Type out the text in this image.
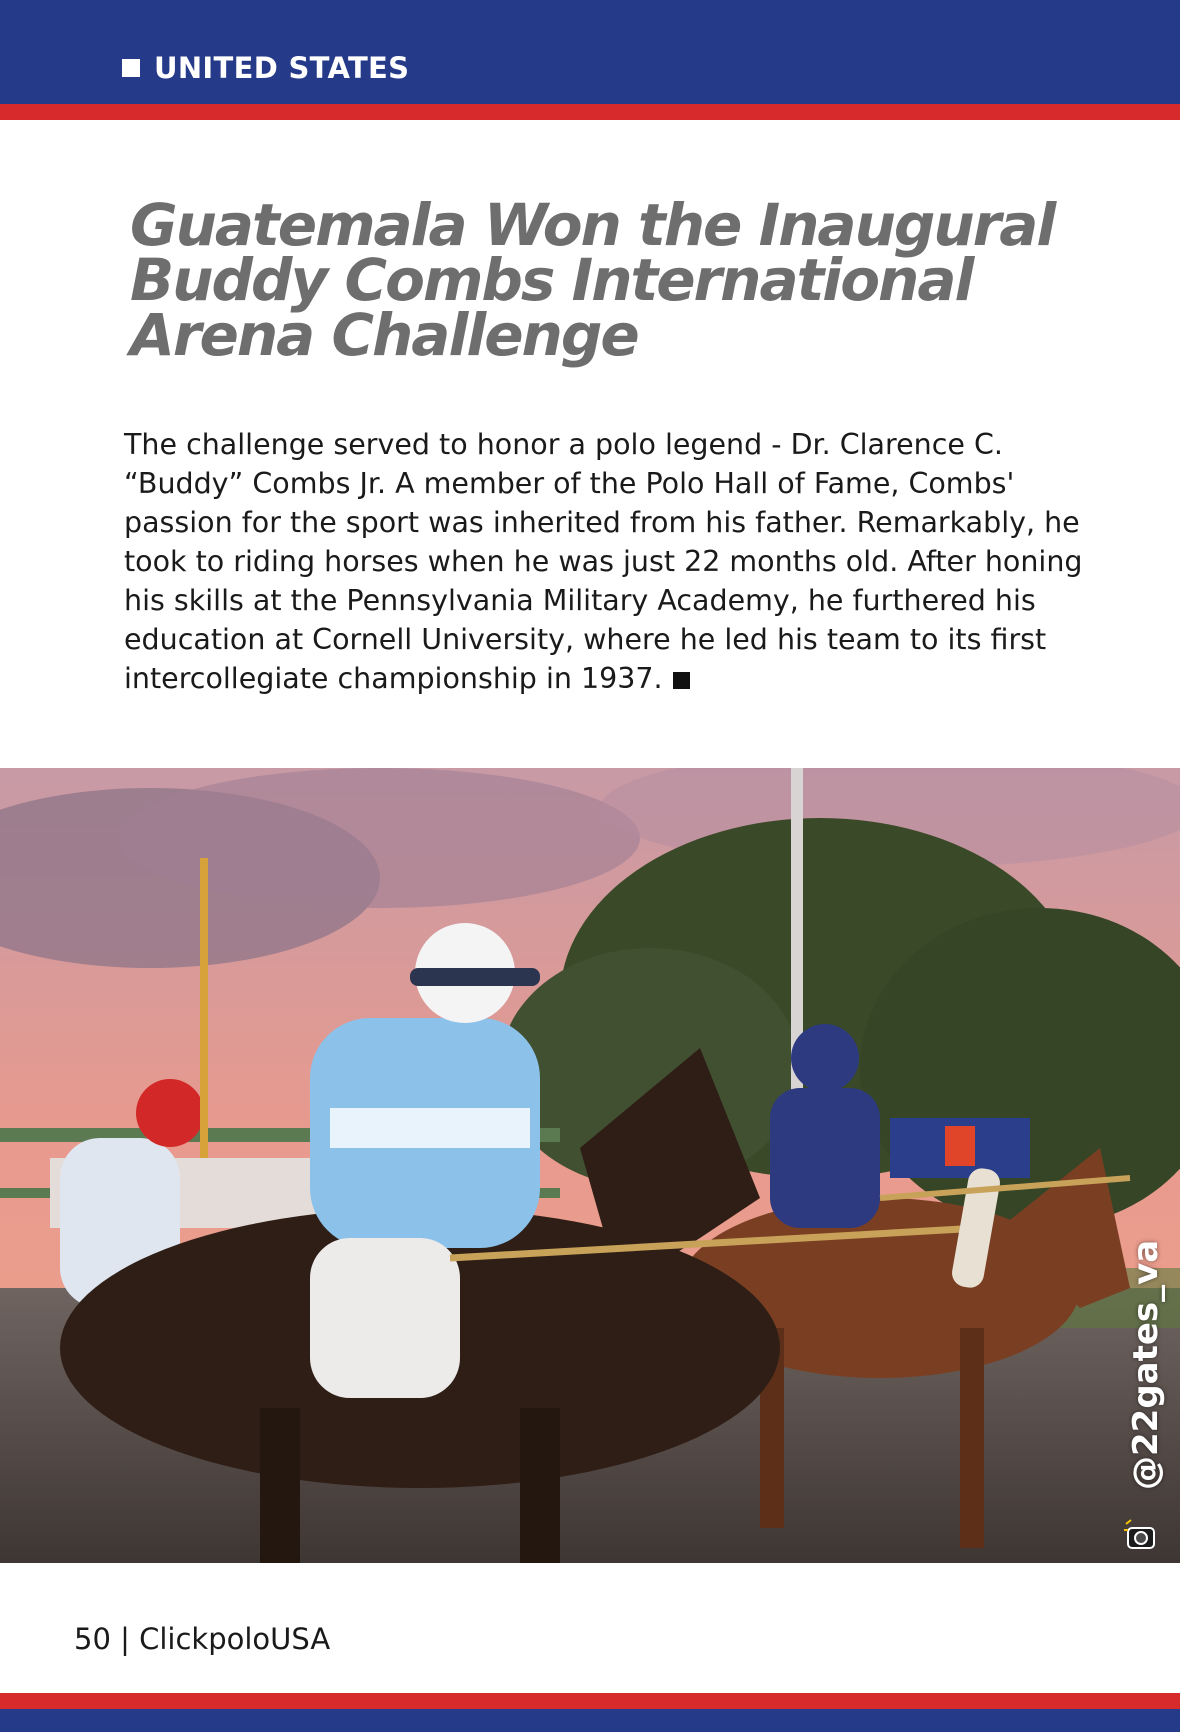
UNITED STATES
Guatemala Won the Inaugural
Buddy Combs International
Arena Challenge

The challenge served to honor a polo legend - Dr. Clarence C. “Buddy” Combs Jr. A member of the Polo Hall of Fame, Combs' passion for the sport was inherited from his father. Remarkably, he took to riding horses when he was just 22 months old. After honing his skills at the Pennsylvania Military Academy, he furthered his education at Cornell University, where he led his team to its first intercollegiate championship in 1937.

@22gates_va
50 | ClickpoloUSA
